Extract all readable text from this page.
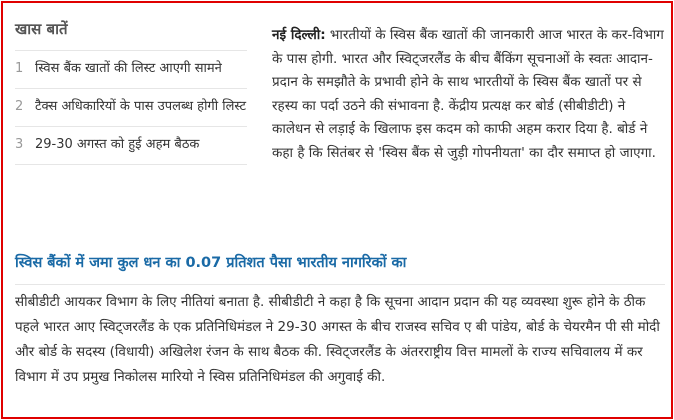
खास बातें
1 स्विस बैंक खातों की लिस्ट आएगी सामने
2 टैक्स अधिकारियों के पास उपलब्ध होगी लिस्ट
3 29-30 अगस्त को हुई अहम बैठक
नई दिल्ली: भारतीयों के स्विस बैंक खातों की जानकारी आज भारत के कर-विभाग के पास होगी. भारत और स्विट्जरलैंड के बीच बैंकिंग सूचनाओं के स्वतः आदान-प्रदान के समझौते के प्रभावी होने के साथ भारतीयों के स्विस बैंक खातों पर से रहस्य का पर्दा उठने की संभावना है. केंद्रीय प्रत्यक्ष कर बोर्ड (सीबीडीटी) ने कालेधन से लड़ाई के खिलाफ इस कदम को काफी अहम करार दिया है. बोर्ड ने कहा है कि सितंबर से 'स्विस बैंक से जुड़ी गोपनीयता' का दौर समाप्त हो जाएगा.
स्विस बैंकों में जमा कुल धन का 0.07 प्रतिशत पैसा भारतीय नागरिकों का
सीबीडीटी आयकर विभाग के लिए नीतियां बनाता है. सीबीडीटी ने कहा है कि सूचना आदान प्रदान की यह व्यवस्था शुरू होने के ठीक पहले भारत आए स्विट्जरलैंड के एक प्रतिनिधिमंडल ने 29-30 अगस्त के बीच राजस्व सचिव ए बी पांडेय, बोर्ड के चेयरमैन पी सी मोदी और बोर्ड के सदस्य (विधायी) अखिलेश रंजन के साथ बैठक की. स्विट्जरलैंड के अंतरराष्ट्रीय वित्त मामलों के राज्य सचिवालय में कर विभाग में उप प्रमुख निकोलस मारियो ने स्विस प्रतिनिधिमंडल की अगुवाई की.
